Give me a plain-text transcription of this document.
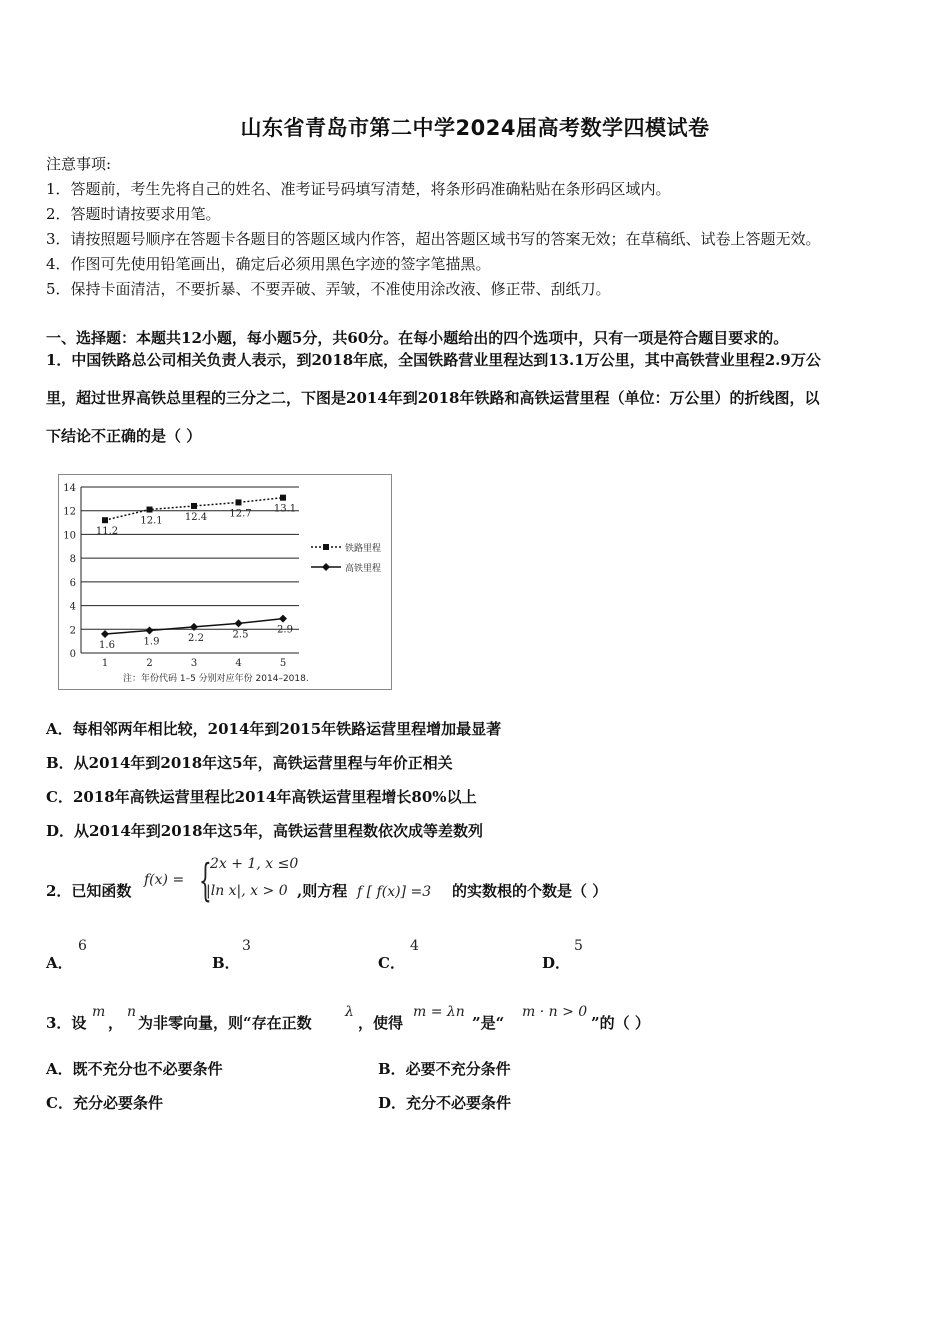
山东省青岛市第二中学2024届高考数学四模试卷
注意事项:
1．答题前，考生先将自己的姓名、准考证号码填写清楚，将条形码准确粘贴在条形码区域内。
2．答题时请按要求用笔。
3．请按照题号顺序在答题卡各题目的答题区域内作答，超出答题区域书写的答案无效；在草稿纸、试卷上答题无效。
4．作图可先使用铅笔画出，确定后必须用黑色字迹的签字笔描黑。
5．保持卡面清洁，不要折暴、不要弄破、弄皱，不准使用涂改液、修正带、刮纸刀。
一、选择题：本题共12小题，每小题5分，共60分。在每小题给出的四个选项中，只有一项是符合题目要求的。
1．中国铁路总公司相关负责人表示，到2018年底，全国铁路营业里程达到13.1万公里，其中高铁营业里程2.9万公
里，超过世界高铁总里程的三分之二，下图是2014年到2018年铁路和高铁运营里程（单位：万公里）的折线图，以
下结论不正确的是（ ）
0
2
4
6
8
10
12
14
1	2	3	4	5
11.2
12.1 12.4 12.7 13.1
1.6	1.9	2.2	2.5	2.9
铁路里程
高铁里程
注：年份代码 1–5 分别对应年份 2014–2018.
A．每相邻两年相比较，2014年到2015年铁路运营里程增加最显著
B．从2014年到2018年这5年，高铁运营里程与年价正相关
C．2018年高铁运营里程比2014年高铁运营里程增长80%以上
D．从2014年到2018年这5年，高铁运营里程数依次成等差数列
2．已知函数
f(x) = {
2x + 1, x ≤0
|ln x|, x > 0 ,则方程 f [ f(x)] =3 的实数根的个数是（ ）
A．
6
B．
3
C．
4
D．
5
3．设
m
，
n
为非零向量，则“存在正数
λ
，使得
m = λn
”是“
m · n > 0
”的（ ）
A．既不充分也不必要条件	B．必要不充分条件
C．充分必要条件	D．充分不必要条件
